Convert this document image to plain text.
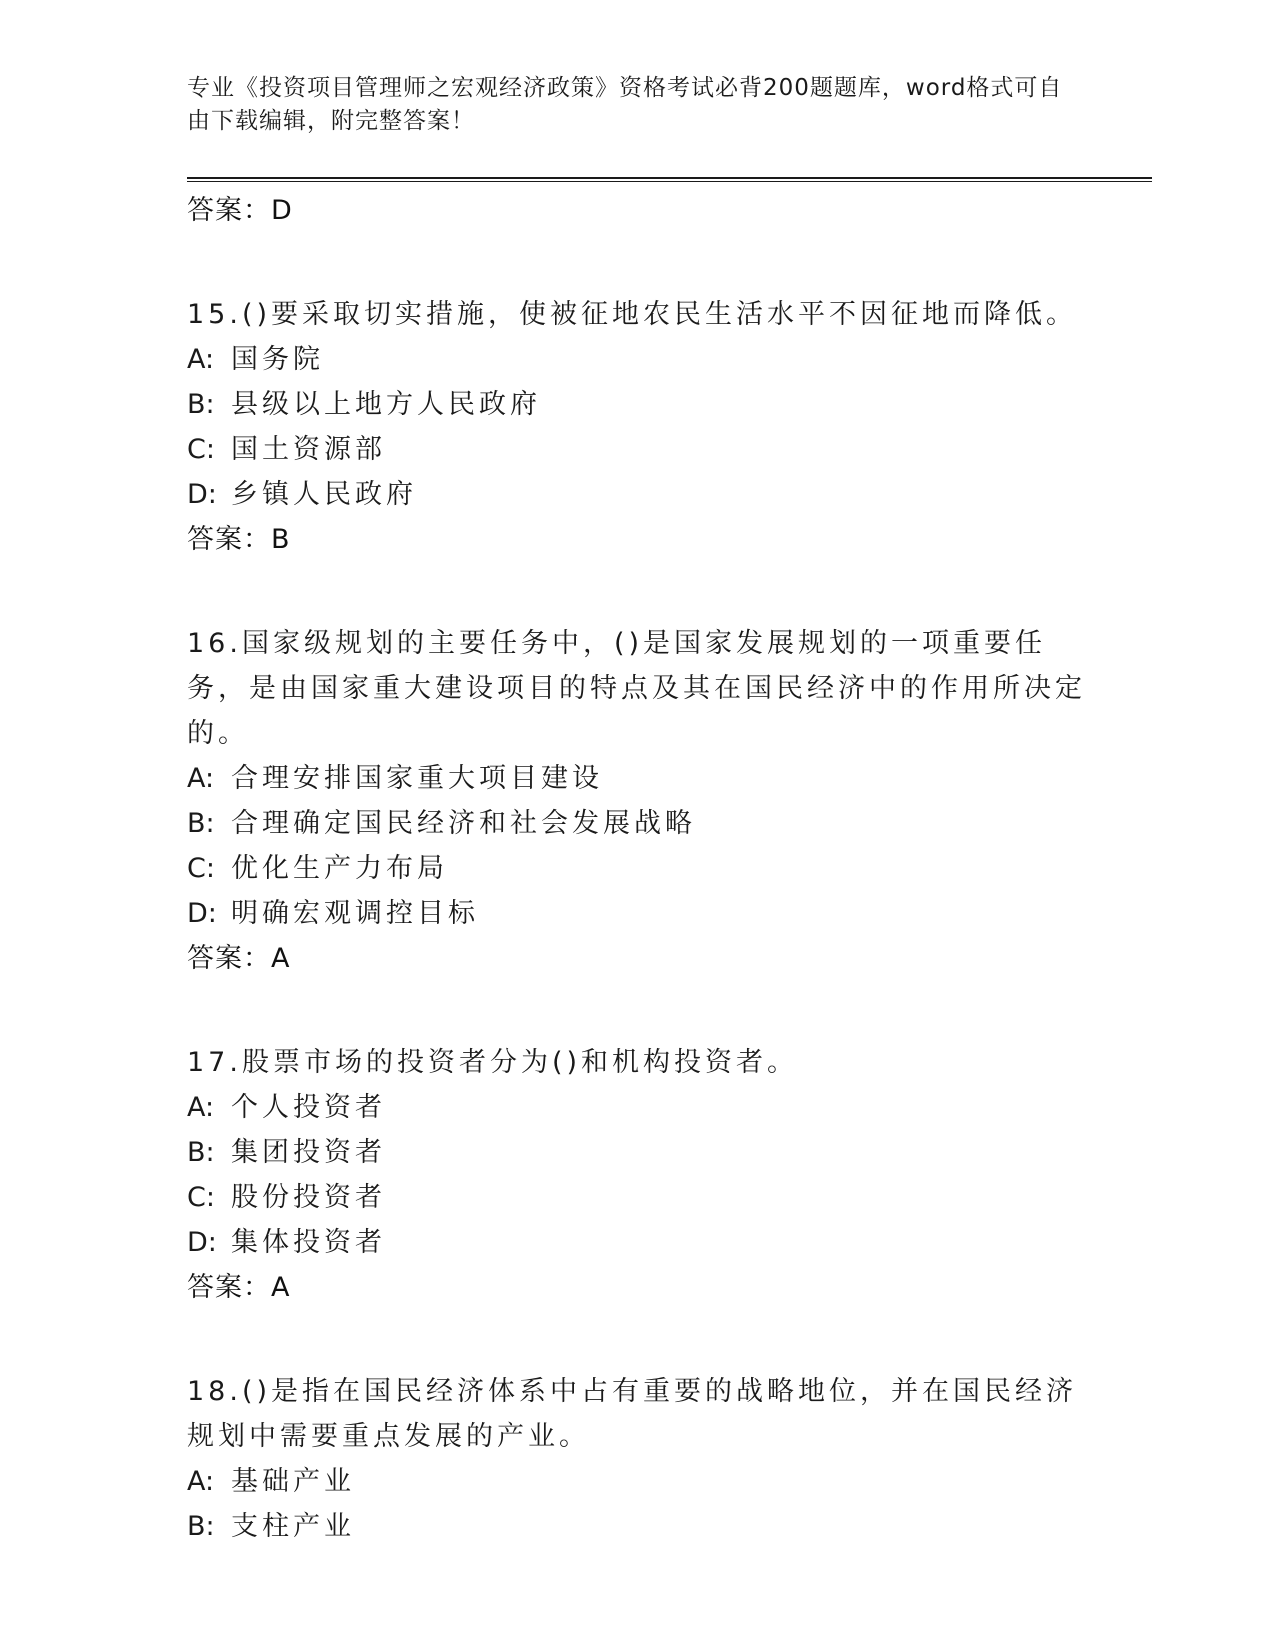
专业《投资项目管理师之宏观经济政策》资格考试必背200题题库，word格式可自由下载编辑，附完整答案！
答案：D
15.()要采取切实措施，使被征地农民生活水平不因征地而降低。
A: 国务院
B: 县级以上地方人民政府
C: 国土资源部
D: 乡镇人民政府
答案：B
16.国家级规划的主要任务中，()是国家发展规划的一项重要任务，是由国家重大建设项目的特点及其在国民经济中的作用所决定的。
A: 合理安排国家重大项目建设
B: 合理确定国民经济和社会发展战略
C: 优化生产力布局
D: 明确宏观调控目标
答案：A
17.股票市场的投资者分为()和机构投资者。
A: 个人投资者
B: 集团投资者
C: 股份投资者
D: 集体投资者
答案：A
18.()是指在国民经济体系中占有重要的战略地位，并在国民经济规划中需要重点发展的产业。
A: 基础产业
B: 支柱产业
